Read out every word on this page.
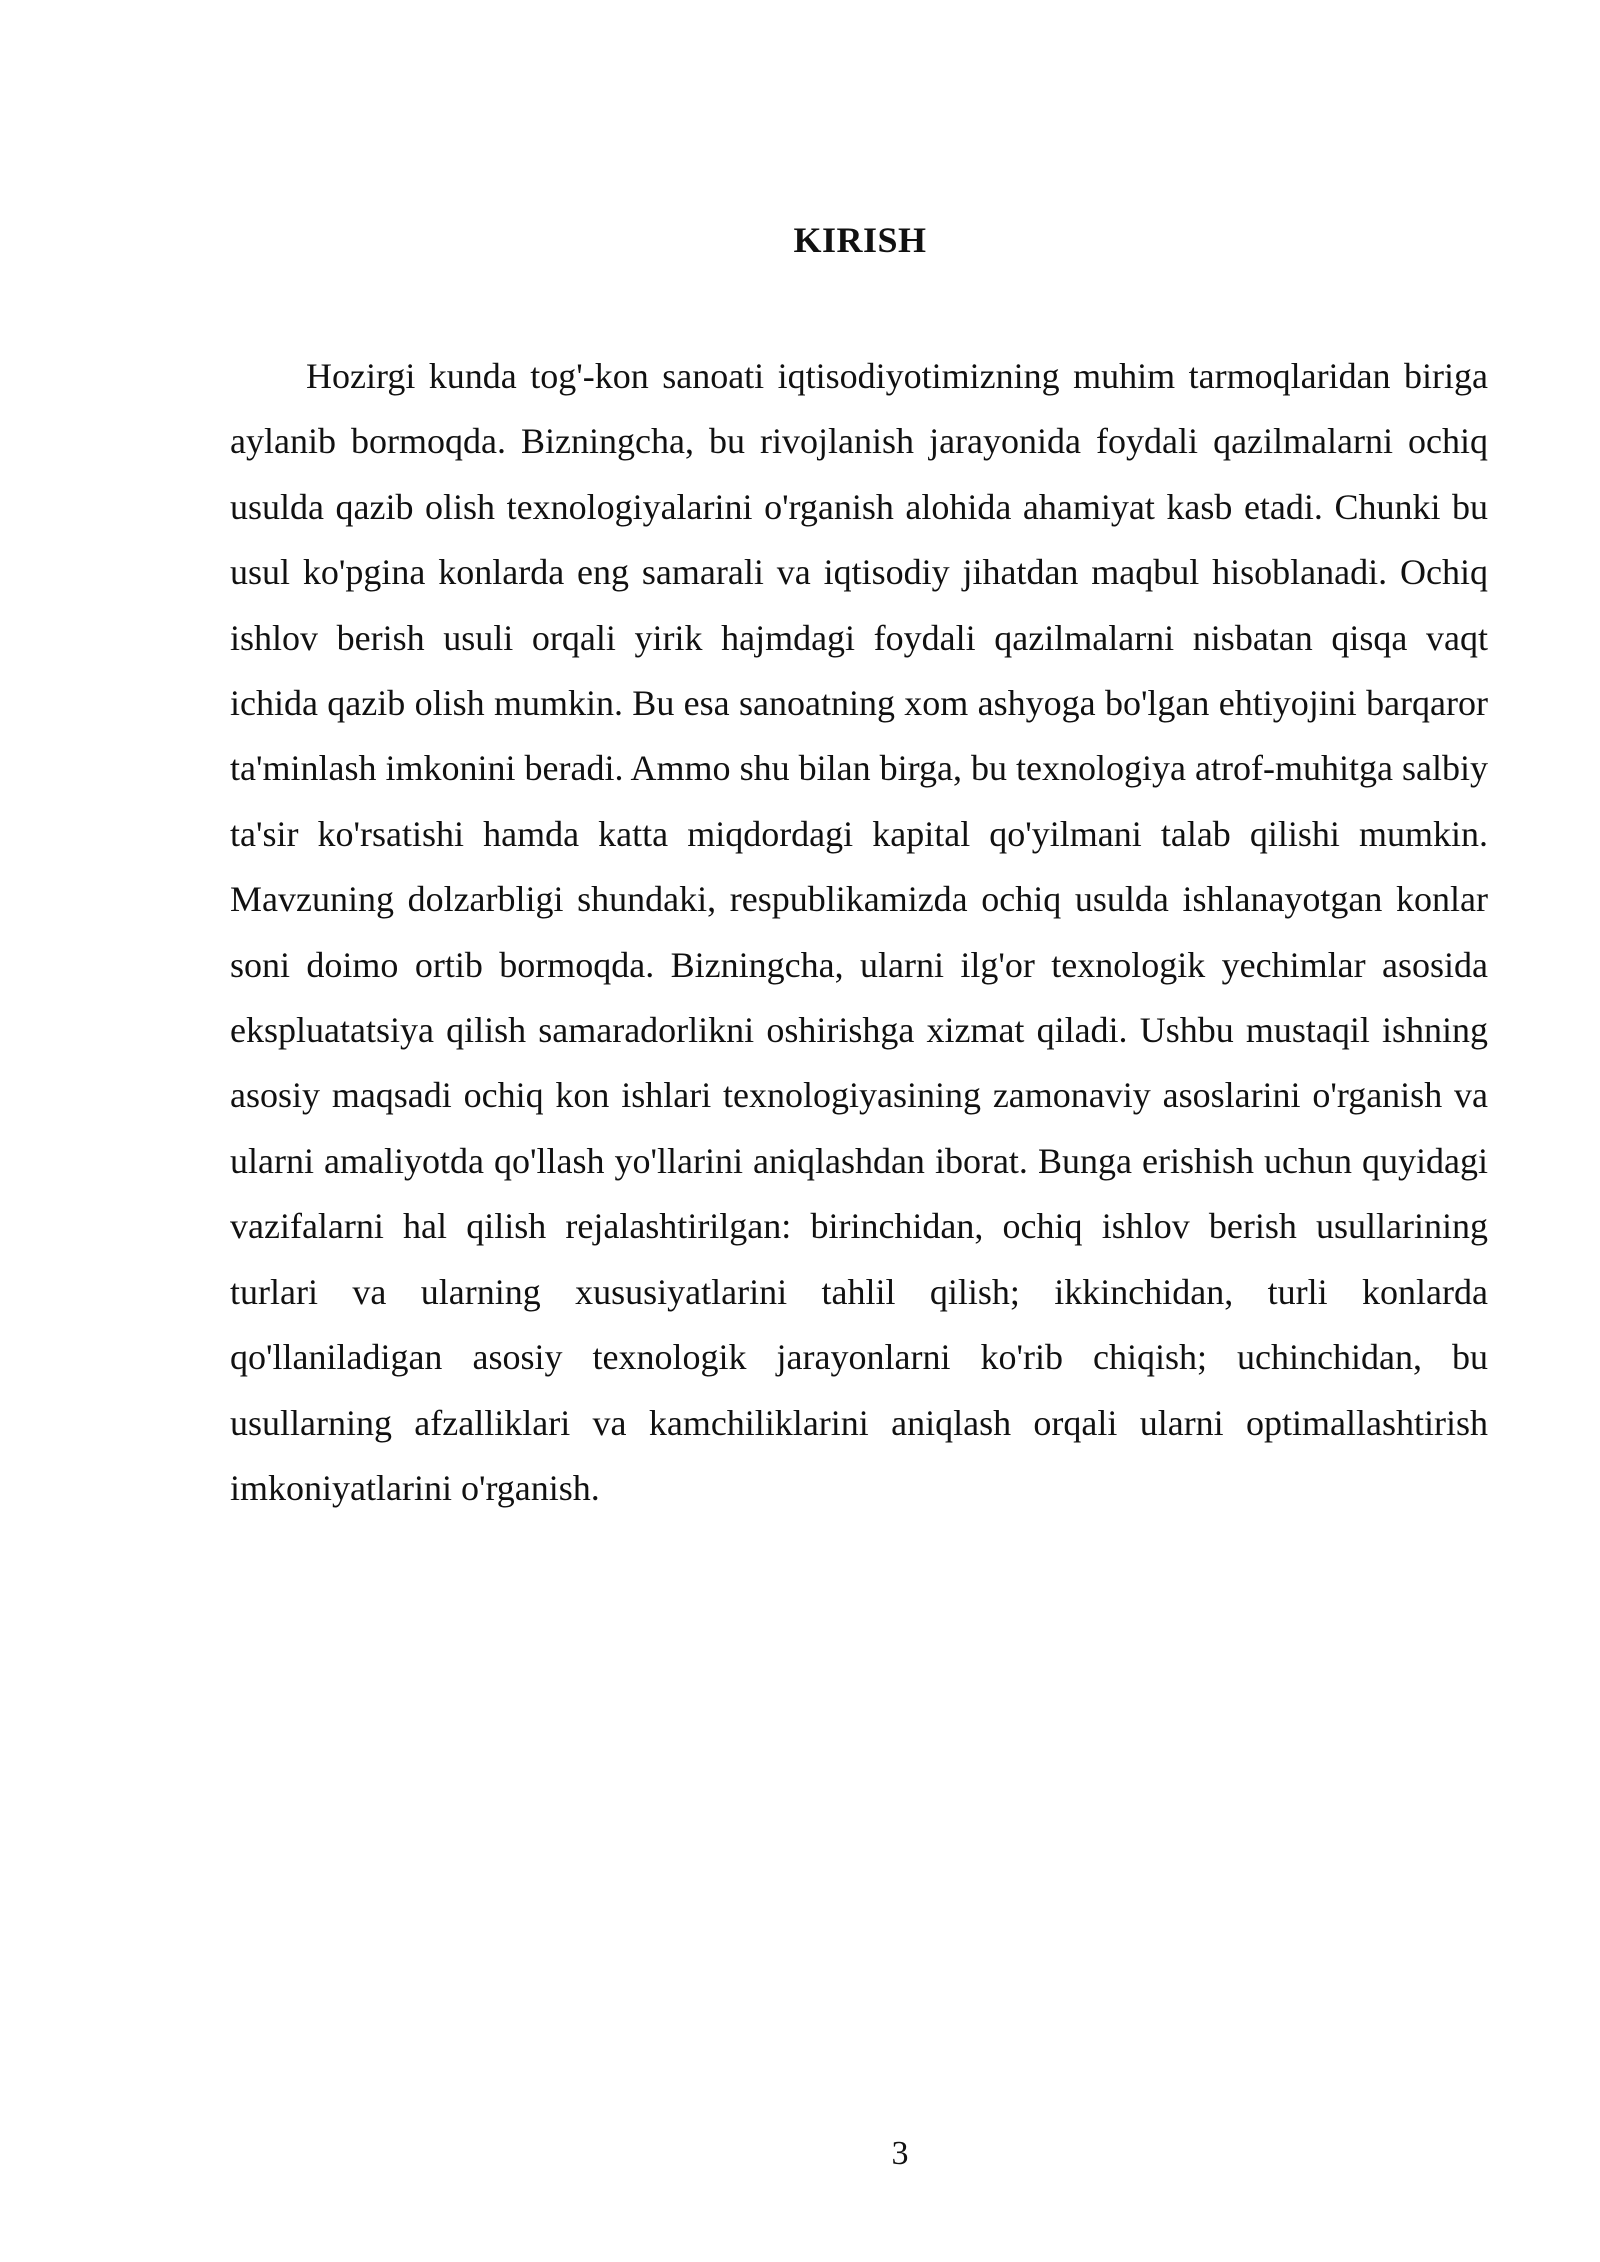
KIRISH

Hozirgi kunda tog'-kon sanoati iqtisodiyotimizning muhim tarmoqlaridan biriga aylanib bormoqda. Bizningcha, bu rivojlanish jarayonida foydali qazilmalarni ochiq usulda qazib olish texnologiyalarini o'rganish alohida ahamiyat kasb etadi. Chunki bu usul ko'pgina konlarda eng samarali va iqtisodiy jihatdan maqbul hisoblanadi. Ochiq ishlov berish usuli orqali yirik hajmdagi foydali qazilmalarni nisbatan qisqa vaqt ichida qazib olish mumkin. Bu esa sanoatning xom ashyoga bo'lgan ehtiyojini barqaror ta'minlash imkonini beradi. Ammo shu bilan birga, bu texnologiya atrof-muhitga salbiy ta'sir ko'rsatishi hamda katta miqdordagi kapital qo'yilmani talab qilishi mumkin. Mavzuning dolzarbligi shundaki, respublikamizda ochiq usulda ishlanayotgan konlar soni doimo ortib bormoqda. Bizningcha, ularni ilg'or texnologik yechimlar asosida ekspluatatsiya qilish samaradorlikni oshirishga xizmat qiladi. Ushbu mustaqil ishning asosiy maqsadi ochiq kon ishlari texnologiyasining zamonaviy asoslarini o'rganish va ularni amaliyotda qo'llash yo'llarini aniqlashdan iborat. Bunga erishish uchun quyidagi vazifalarni hal qilish rejalashtirilgan: birinchidan, ochiq ishlov berish usullarining turlari va ularning xususiyatlarini tahlil qilish; ikkinchidan, turli konlarda qo'llaniladigan asosiy texnologik jarayonlarni ko'rib chiqish; uchinchidan, bu usullarning afzalliklari va kamchiliklarini aniqlash orqali ularni optimallashtirish imkoniyatlarini o'rganish.

3
